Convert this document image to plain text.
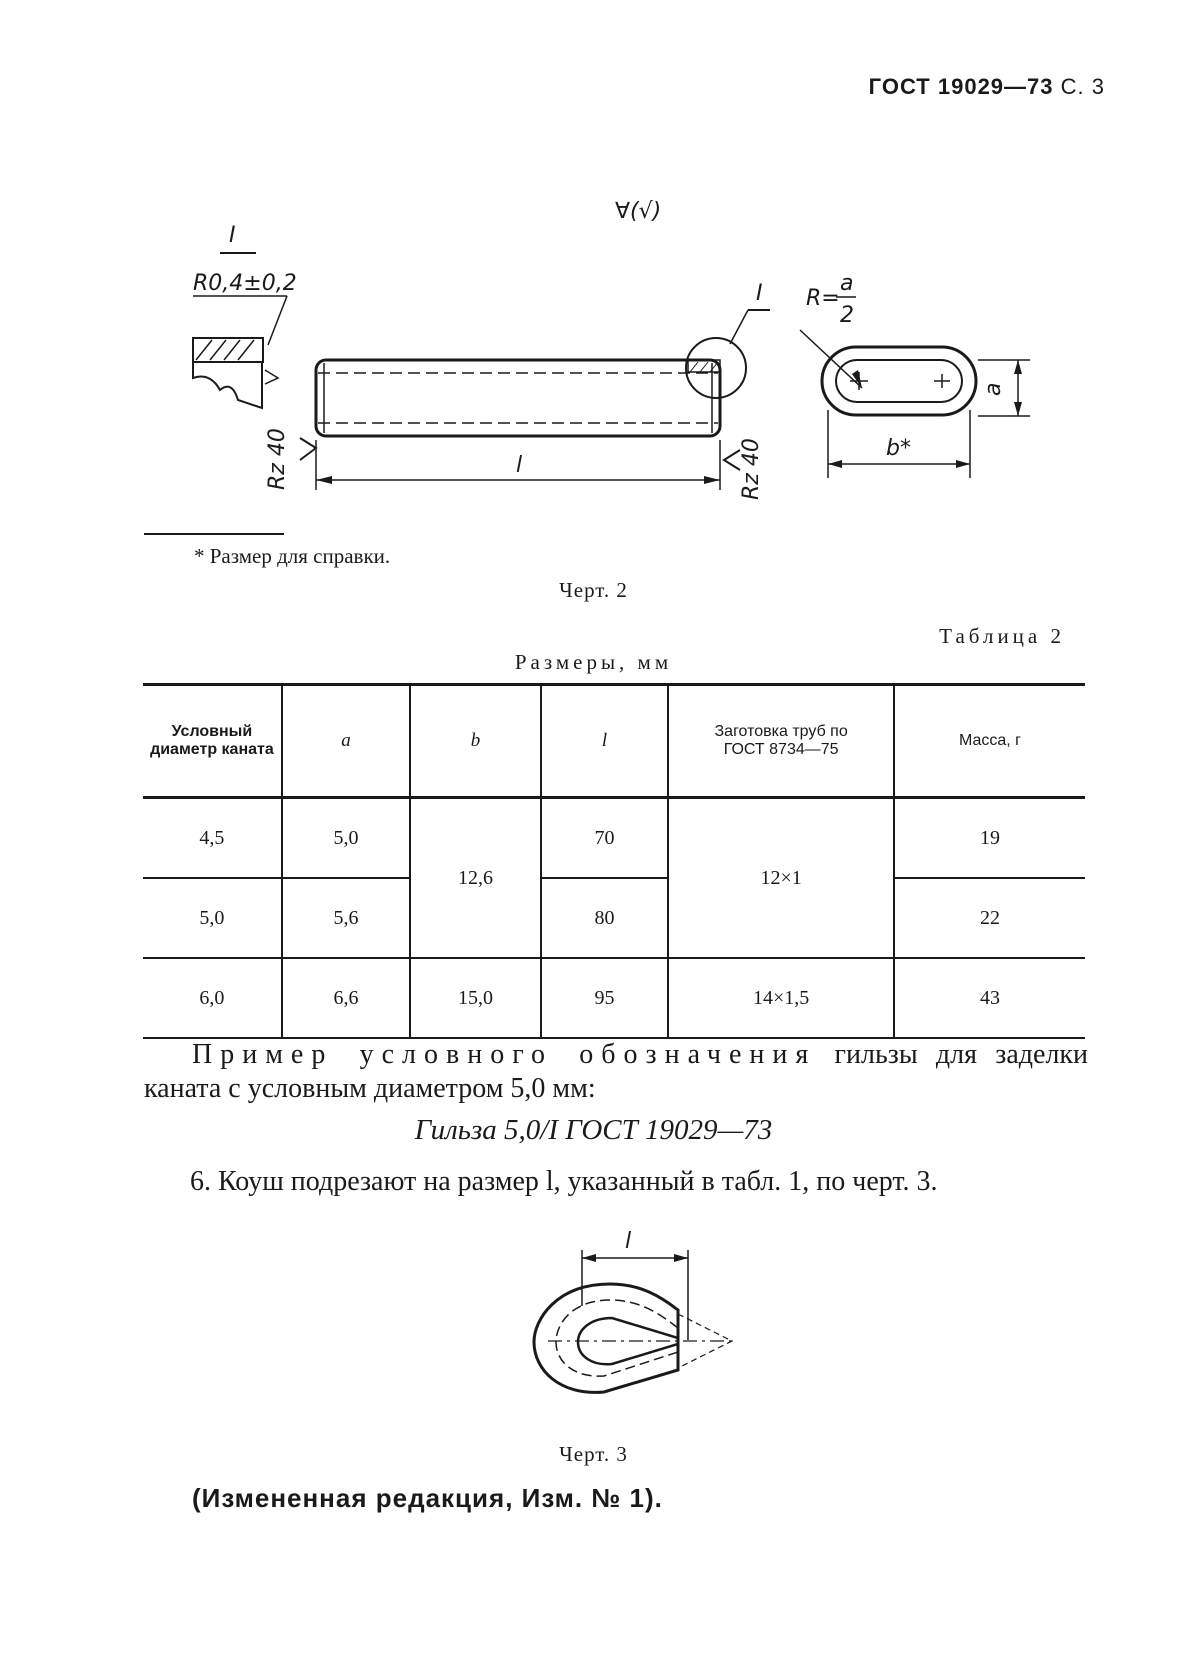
ГОСТ 19029—73 С. 3
∀(√)
I
R0,4±0,2	I
Rz 40	Rz 40
l
R=
a
2
a
b*
* Размер для справки.
Черт. 2
Таблица 2
Размеры, мм
Условный диаметр каната	a	b	l	Заготовка труб по ГОСТ 8734—75	Масса, г
4,5	5,0	12,6	70	12×1	19
5,0	5,6		80		22
6,0	6,6	15,0	95	14×1,5	43
Пример условного обозначения гильзы для заделки каната с условным диаметром 5,0 мм:
Гильза 5,0/I ГОСТ 19029—73
6. Коуш подрезают на размер l, указанный в табл. 1, по черт. 3.
l
Черт. 3
(Измененная редакция, Изм. № 1).
